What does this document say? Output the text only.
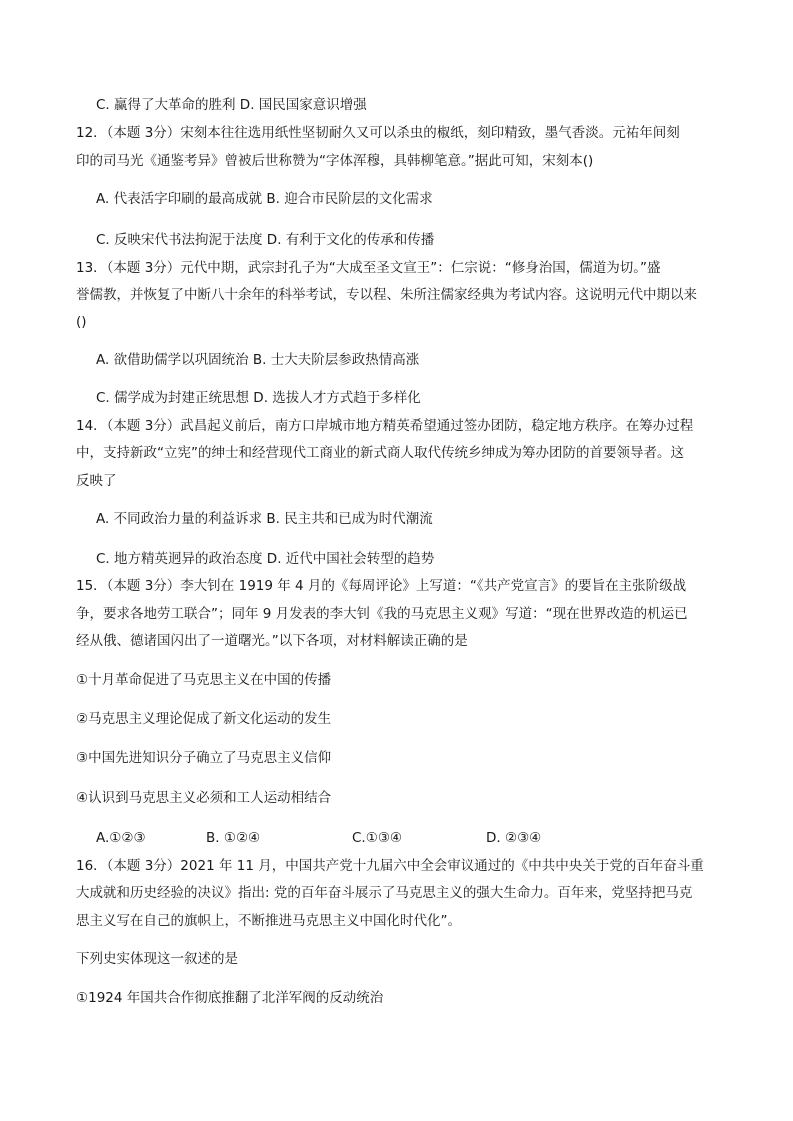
C. 赢得了大革命的胜利 D. 国民国家意识增强
12．（本题 3分）宋刻本往往选用纸性坚韧耐久又可以杀虫的椒纸，刻印精致，墨气香淡。元祐年间刻
印的司马光《通鉴考异》曾被后世称赞为“字体浑穆，具韩柳笔意。”据此可知，宋刻本()
A. 代表活字印刷的最高成就 B. 迎合市民阶层的文化需求
C. 反映宋代书法拘泥于法度 D. 有利于文化的传承和传播
13．（本题 3分）元代中期，武宗封孔子为“大成至圣文宣王”：仁宗说：“修身治国，儒道为切。”盛
誉儒教，并恢复了中断八十余年的科举考试，专以程、朱所注儒家经典为考试内容。这说明元代中期以来
()
A. 欲借助儒学以巩固统治 B. 士大夫阶层参政热情高涨
C. 儒学成为封建正统思想 D. 选拔人才方式趋于多样化
14．（本题 3分）武昌起义前后，南方口岸城市地方精英希望通过签办团防，稳定地方秩序。在筹办过程
中，支持新政“立宪”的绅士和经营现代工商业的新式商人取代传统乡绅成为筹办团防的首要领导者。这
反映了
A. 不同政治力量的利益诉求 B. 民主共和已成为时代潮流
C. 地方精英迥异的政治态度 D. 近代中国社会转型的趋势
15．（本题 3分）李大钊在 1919 年 4 月的《每周评论》上写道：“《共产党宣言》的要旨在主张阶级战
争，要求各地劳工联合”；同年 9 月发表的李大钊《我的马克思主义观》写道：“现在世界改造的机运已
经从俄、德诸国闪出了一道曙光。”以下各项，对材料解读正确的是
①十月革命促进了马克思主义在中国的传播
②马克思主义理论促成了新文化运动的发生
③中国先进知识分子确立了马克思主义信仰
④认识到马克思主义必须和工人运动相结合
A.①②③	B. ①②④	C.①③④	D. ②③④
16．（本题 3分）2021 年 11 月，中国共产党十九届六中全会审议通过的《中共中央关于党的百年奋斗重
大成就和历史经验的决议》指出: 党的百年奋斗展示了马克思主义的强大生命力。百年来，党坚持把马克
思主义写在自己的旗帜上，不断推进马克思主义中国化时代化”。
下列史实体现这一叙述的是
①1924 年国共合作彻底推翻了北洋军阀的反动统治
